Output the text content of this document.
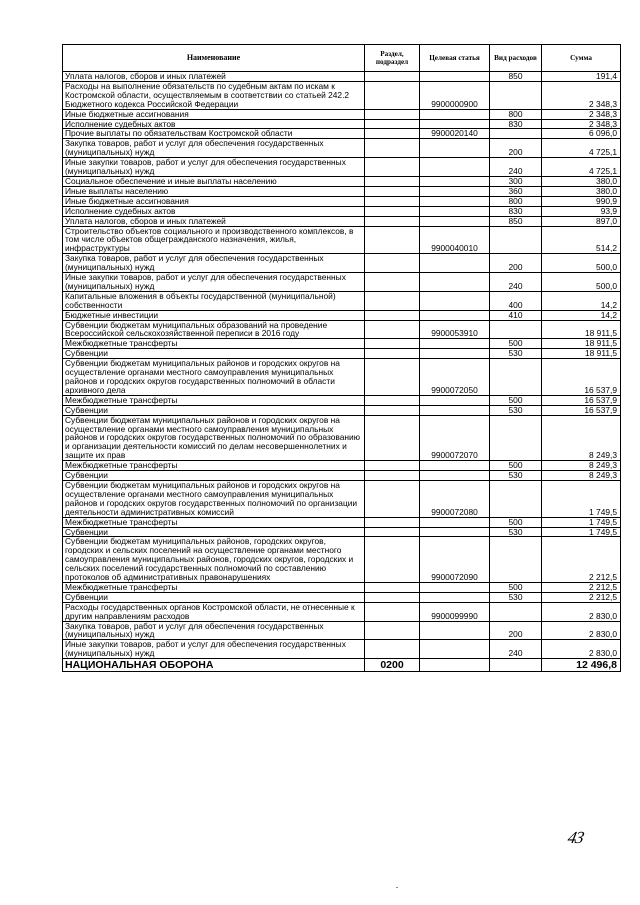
Наименование	Раздел, подраздел	Целевая статья	Вид расходов	Сумма
Уплата налогов, сборов и иных платежей			850	191,4
Расходы на выполнение обязательств по судебным актам по искам к Костромской области, осуществляемым в соответствии со статьей 242.2 Бюджетного кодекса Российской Федерации		9900000900		2 348,3
Иные бюджетные ассигнования			800	2 348,3
Исполнение судебных актов			830	2 348,3
Прочие выплаты по обязательствам Костромской области		9900020140		6 096,0
Закупка товаров, работ и услуг для обеспечения государственных (муниципальных) нужд			200	4 725,1
Иные закупки товаров, работ и услуг для обеспечения государственных (муниципальных) нужд			240	4 725,1
Социальное обеспечение и иные выплаты населению			300	380,0
Иные выплаты населению			360	380,0
Иные бюджетные ассигнования			800	990,9
Исполнение судебных актов			830	93,9
Уплата налогов, сборов и иных платежей			850	897,0
Строительство объектов социального и производственного комплексов, в том числе объектов общегражданского назначения, жилья, инфраструктуры		9900040010		514,2
Закупка товаров, работ и услуг для обеспечения государственных (муниципальных) нужд			200	500,0
Иные закупки товаров, работ и услуг для обеспечения государственных (муниципальных) нужд			240	500,0
Капитальные вложения в объекты государственной (муниципальной) собственности			400	14,2
Бюджетные инвестиции			410	14,2
Субвенции бюджетам муниципальных образований на проведение Всероссийской сельскохозяйственной переписи в 2016 году		9900053910		18 911,5
Межбюджетные трансферты			500	18 911,5
Субвенции			530	18 911,5
Субвенции бюджетам муниципальных районов и городских округов на осуществление органами местного самоуправления муниципальных районов и городских округов государственных полномочий в области архивного дела		9900072050		16 537,9
Межбюджетные трансферты			500	16 537,9
Субвенции			530	16 537,9
Субвенции бюджетам муниципальных районов и городских округов на осуществление органами местного самоуправления муниципальных районов и городских округов государственных полномочий по образованию и организации деятельности комиссий по делам несовершеннолетних и защите их прав		9900072070		8 249,3
Межбюджетные трансферты			500	8 249,3
Субвенции			530	8 249,3
Субвенции бюджетам муниципальных районов и городских округов на осуществление органами местного самоуправления муниципальных районов и городских округов государственных полномочий по организации деятельности административных комиссий		9900072080		1 749,5
Межбюджетные трансферты			500	1 749,5
Субвенции			530	1 749,5
Субвенции бюджетам муниципальных районов, городских округов, городских и сельских поселений на осуществление органами местного самоуправления муниципальных районов, городских округов, городских и сельских поселений государственных полномочий по составлению протоколов об административных правонарушениях		9900072090		2 212,5
Межбюджетные трансферты			500	2 212,5
Субвенции			530	2 212,5
Расходы государственных органов Костромской области, не отнесенные к другим направлениям расходов		9900099990		2 830,0
Закупка товаров, работ и услуг для обеспечения государственных (муниципальных) нужд			200	2 830,0
Иные закупки товаров, работ и услуг для обеспечения государственных (муниципальных) нужд			240	2 830,0
НАЦИОНАЛЬНАЯ ОБОРОНА	0200			12 496,8
43
